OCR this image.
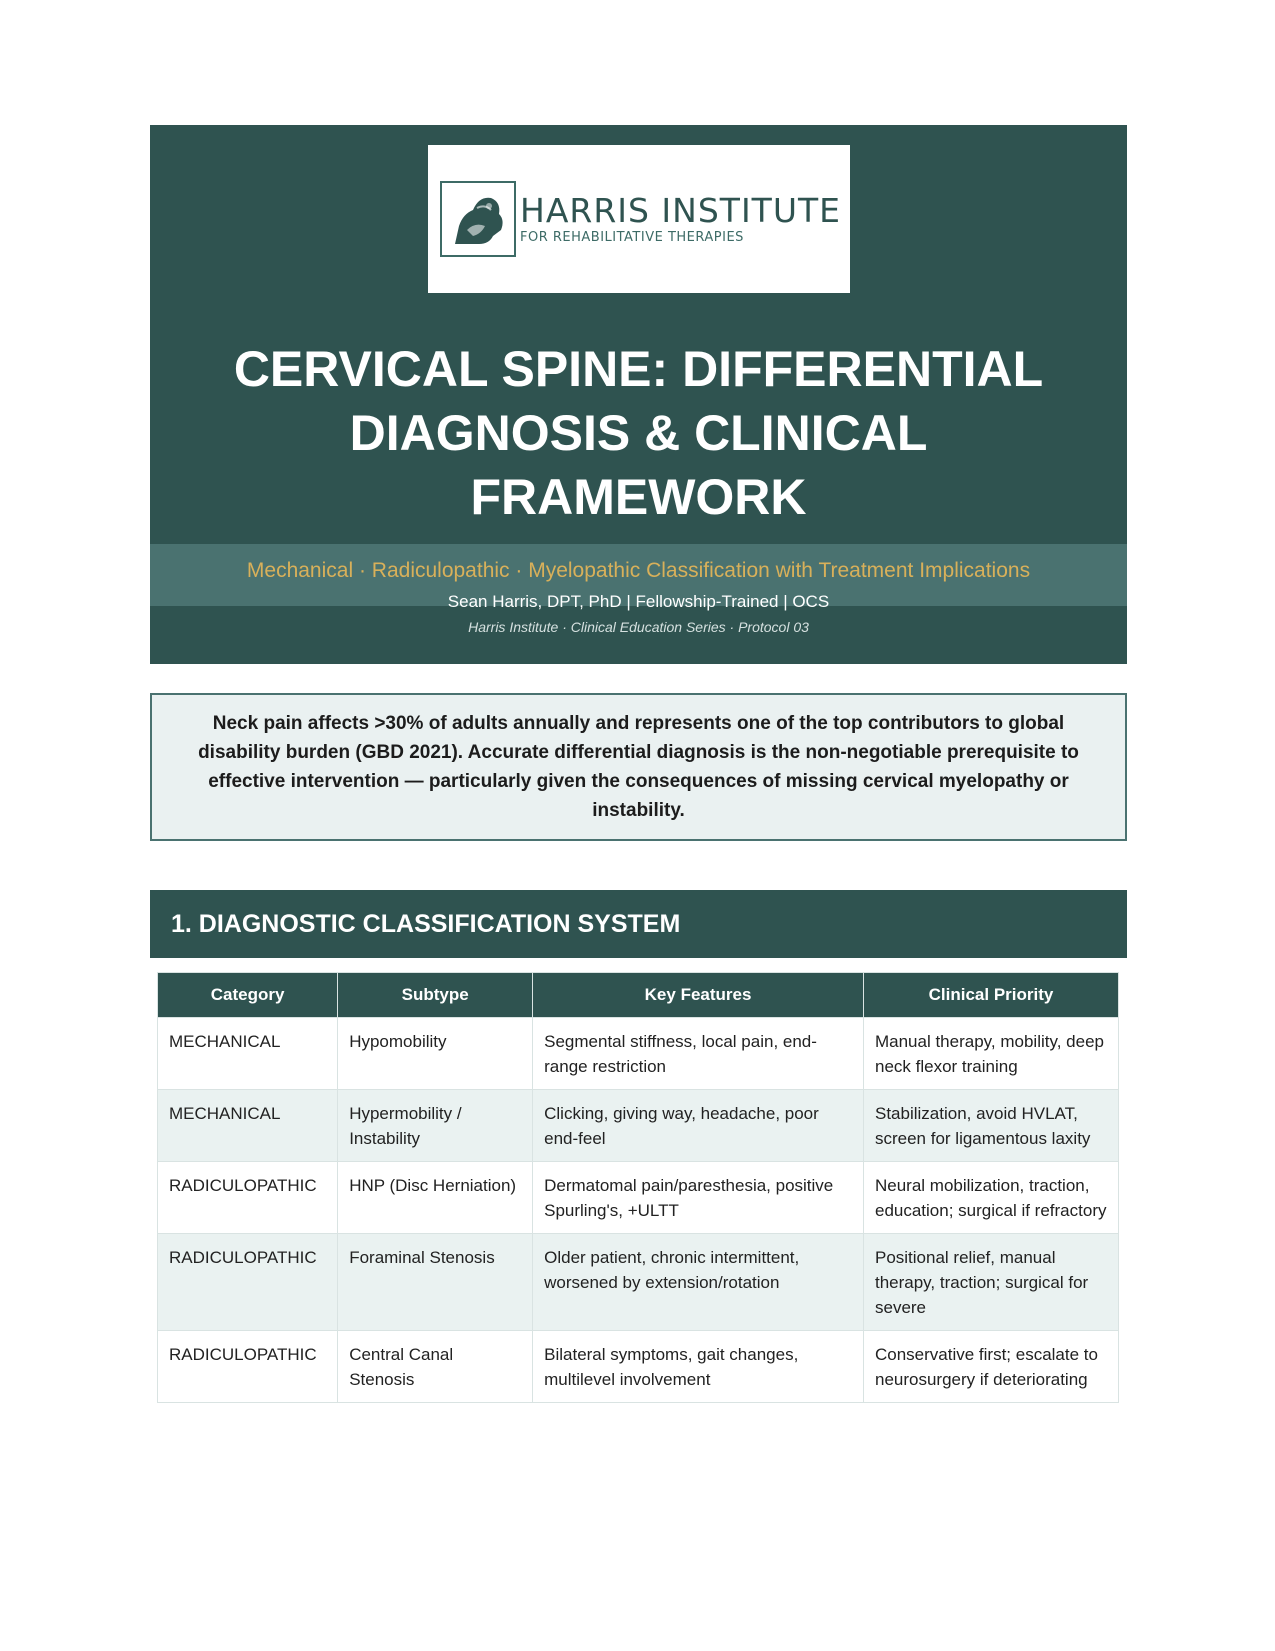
HARRIS INSTITUTE
FOR REHABILITATIVE THERAPIES
CERVICAL SPINE: DIFFERENTIAL
DIAGNOSIS & CLINICAL
FRAMEWORK
Mechanical · Radiculopathic · Myelopathic Classification with Treatment Implications
Sean Harris, DPT, PhD | Fellowship-Trained | OCS
Harris Institute · Clinical Education Series · Protocol 03

Neck pain affects >30% of adults annually and represents one of the top contributors to global disability burden (GBD 2021). Accurate differential diagnosis is the non-negotiable prerequisite to effective intervention — particularly given the consequences of missing cervical myelopathy or instability.

1. DIAGNOSTIC CLASSIFICATION SYSTEM
Category	Subtype	Key Features	Clinical Priority
MECHANICAL	Hypomobility	Segmental stiffness, local pain, end-range restriction	Manual therapy, mobility, deep neck flexor training
MECHANICAL	Hypermobility / Instability	Clicking, giving way, headache, poor end-feel	Stabilization, avoid HVLAT, screen for ligamentous laxity
RADICULOPATHIC	HNP (Disc Herniation)	Dermatomal pain/paresthesia, positive Spurling's, +ULTT	Neural mobilization, traction, education; surgical if refractory
RADICULOPATHIC	Foraminal Stenosis	Older patient, chronic intermittent, worsened by extension/rotation	Positional relief, manual therapy, traction; surgical for severe
RADICULOPATHIC	Central Canal Stenosis	Bilateral symptoms, gait changes, multilevel involvement	Conservative first; escalate to neurosurgery if deteriorating
